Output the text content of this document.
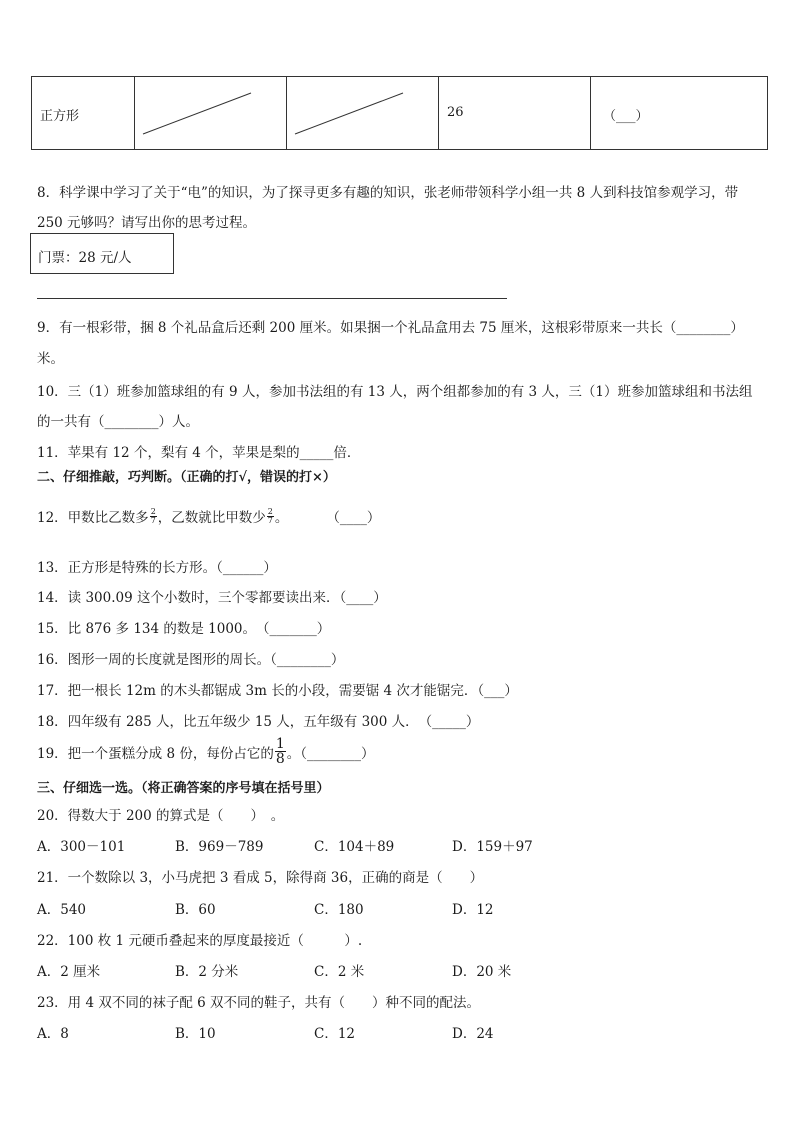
正方形			26	（___）
8．科学课中学习了关于“电”的知识，为了探寻更多有趣的知识，张老师带领科学小组一共 8 人到科技馆参观学习，带
250 元够吗？请写出你的思考过程。
门票：28 元/人
9．有一根彩带，捆 8 个礼品盒后还剩 200 厘米。如果捆一个礼品盒用去 75 厘米，这根彩带原来一共长（________）
米。
10．三（1）班参加篮球组的有 9 人，参加书法组的有 13 人，两个组都参加的有 3 人，三（1）班参加篮球组和书法组
的一共有（________）人。
11．苹果有 12 个，梨有 4 个，苹果是梨的_____倍．
二、仔细推敲，巧判断。（正确的打√，错误的打×）
12．甲数比乙数多 $\frac{2}{7}$ ，乙数就比甲数少 $\frac{2}{7}$ 。	（____）
13．正方形是特殊的长方形。（______）
14．读 300.09 这个小数时，三个零都要读出来．（____）
15．比 876 多 134 的数是 1000。　（_______）
16．图形一周的长度就是图形的周长。（________）
17．把一根长 12m 的木头都锯成 3m 长的小段，需要锯 4 次才能锯完．（___）
18．四年级有 285 人，比五年级少 15 人，五年级有 300 人．　（_____）
19．把一个蛋糕分成 8 份，每份占它的 $\frac{1}{8}$ 。（________）
三、仔细选一选。（将正确答案的序号填在括号里）
20．得数大于 200 的算式是（　　）　。
A．300－101	B．969－789	C．104＋89	D．159＋97
21．一个数除以 3，小马虎把 3 看成 5，除得商 36，正确的商是（　　）
A．540	B．60	C．180	D．12
22．100 枚 1 元硬币叠起来的厚度最接近（　　　）.
A．2 厘米	B．2 分米	C．2 米	D．20 米
23．用 4 双不同的袜子配 6 双不同的鞋子，共有（　　）种不同的配法。
A．8	B．10	C．12	D．24
